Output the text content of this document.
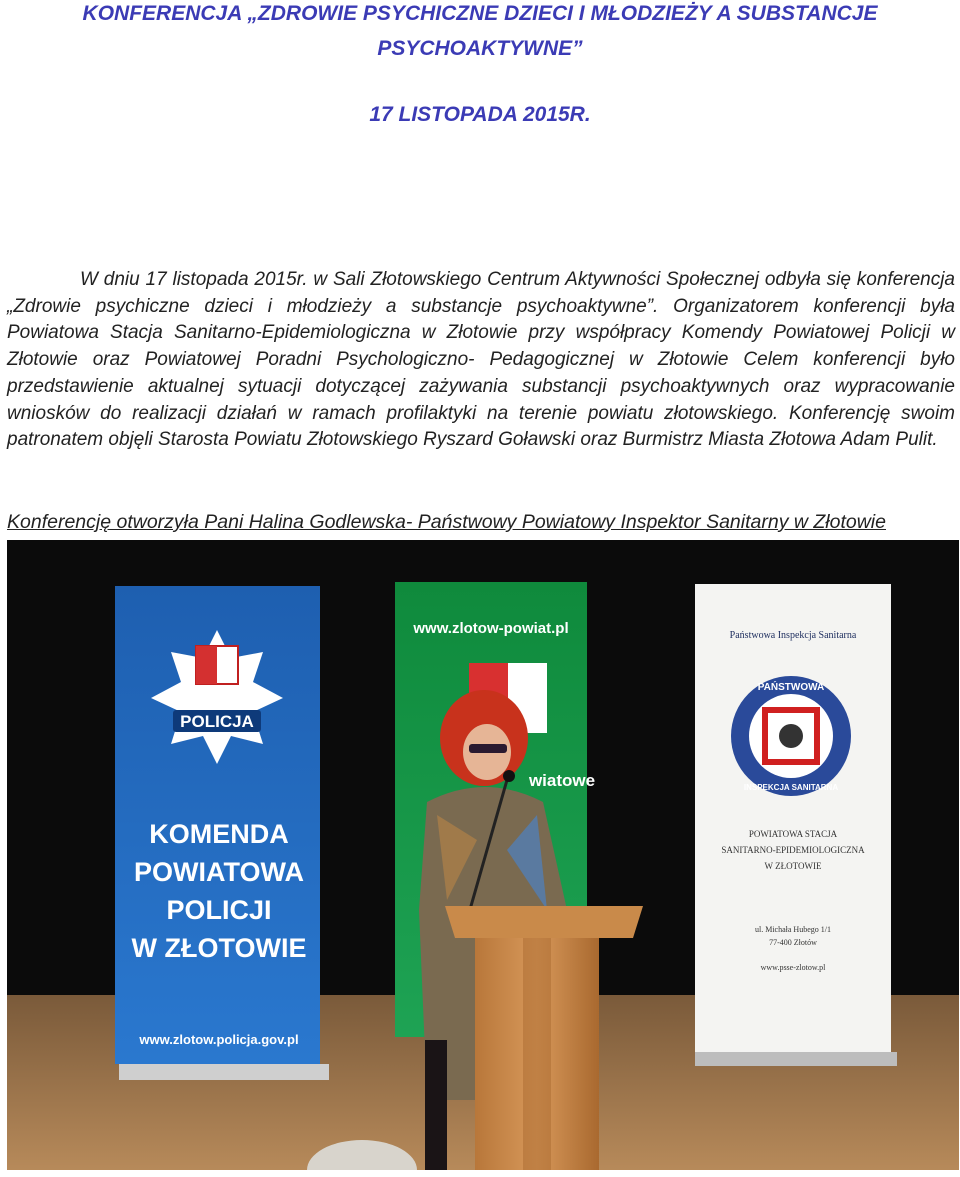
KONFERENCJA „ZDROWIE PSYCHICZNE DZIECI I MŁODZIEŻY A SUBSTANCJE
PSYCHOAKTYWNE”
17 LISTOPADA 2015R.

W dniu 17 listopada 2015r. w Sali Złotowskiego Centrum Aktywności Społecznej odbyła się konferencja „Zdrowie psychiczne dzieci i młodzieży a substancje psychoaktywne”. Organizatorem konferencji była Powiatowa Stacja Sanitarno-Epidemiologiczna w Złotowie przy współpracy Komendy Powiatowej Policji w Złotowie oraz Powiatowej Poradni Psychologiczno- Pedagogicznej w Złotowie Celem konferencji było przedstawienie aktualnej sytuacji dotyczącej zażywania substancji psychoaktywnych oraz wypracowanie wniosków do realizacji działań w ramach profilaktyki na terenie powiatu złotowskiego. Konferencję swoim patronatem objęli Starosta Powiatu Złotowskiego Ryszard Goławski oraz Burmistrz Miasta Złotowa Adam Pulit.

Konferencję otworzyła Pani Halina Godlewska- Państwowy Powiatowy Inspektor Sanitarny w Złotowie
POLICJA
KOMENDA
POWIATOWA
POLICJI
W ZŁOTOWIE
www.zlotow.policja.gov.pl
www.zlotow-powiat.pl
wiatowe
Państwowa Inspekcja Sanitarna
PAŃSTWOWA
INSPEKCJA SANITARNA
POWIATOWA STACJA
SANITARNO-EPIDEMIOLOGICZNA
W ZŁOTOWIE
ul. Michała Hubego 1/1
77-400 Złotów
www.psse-zlotow.pl
